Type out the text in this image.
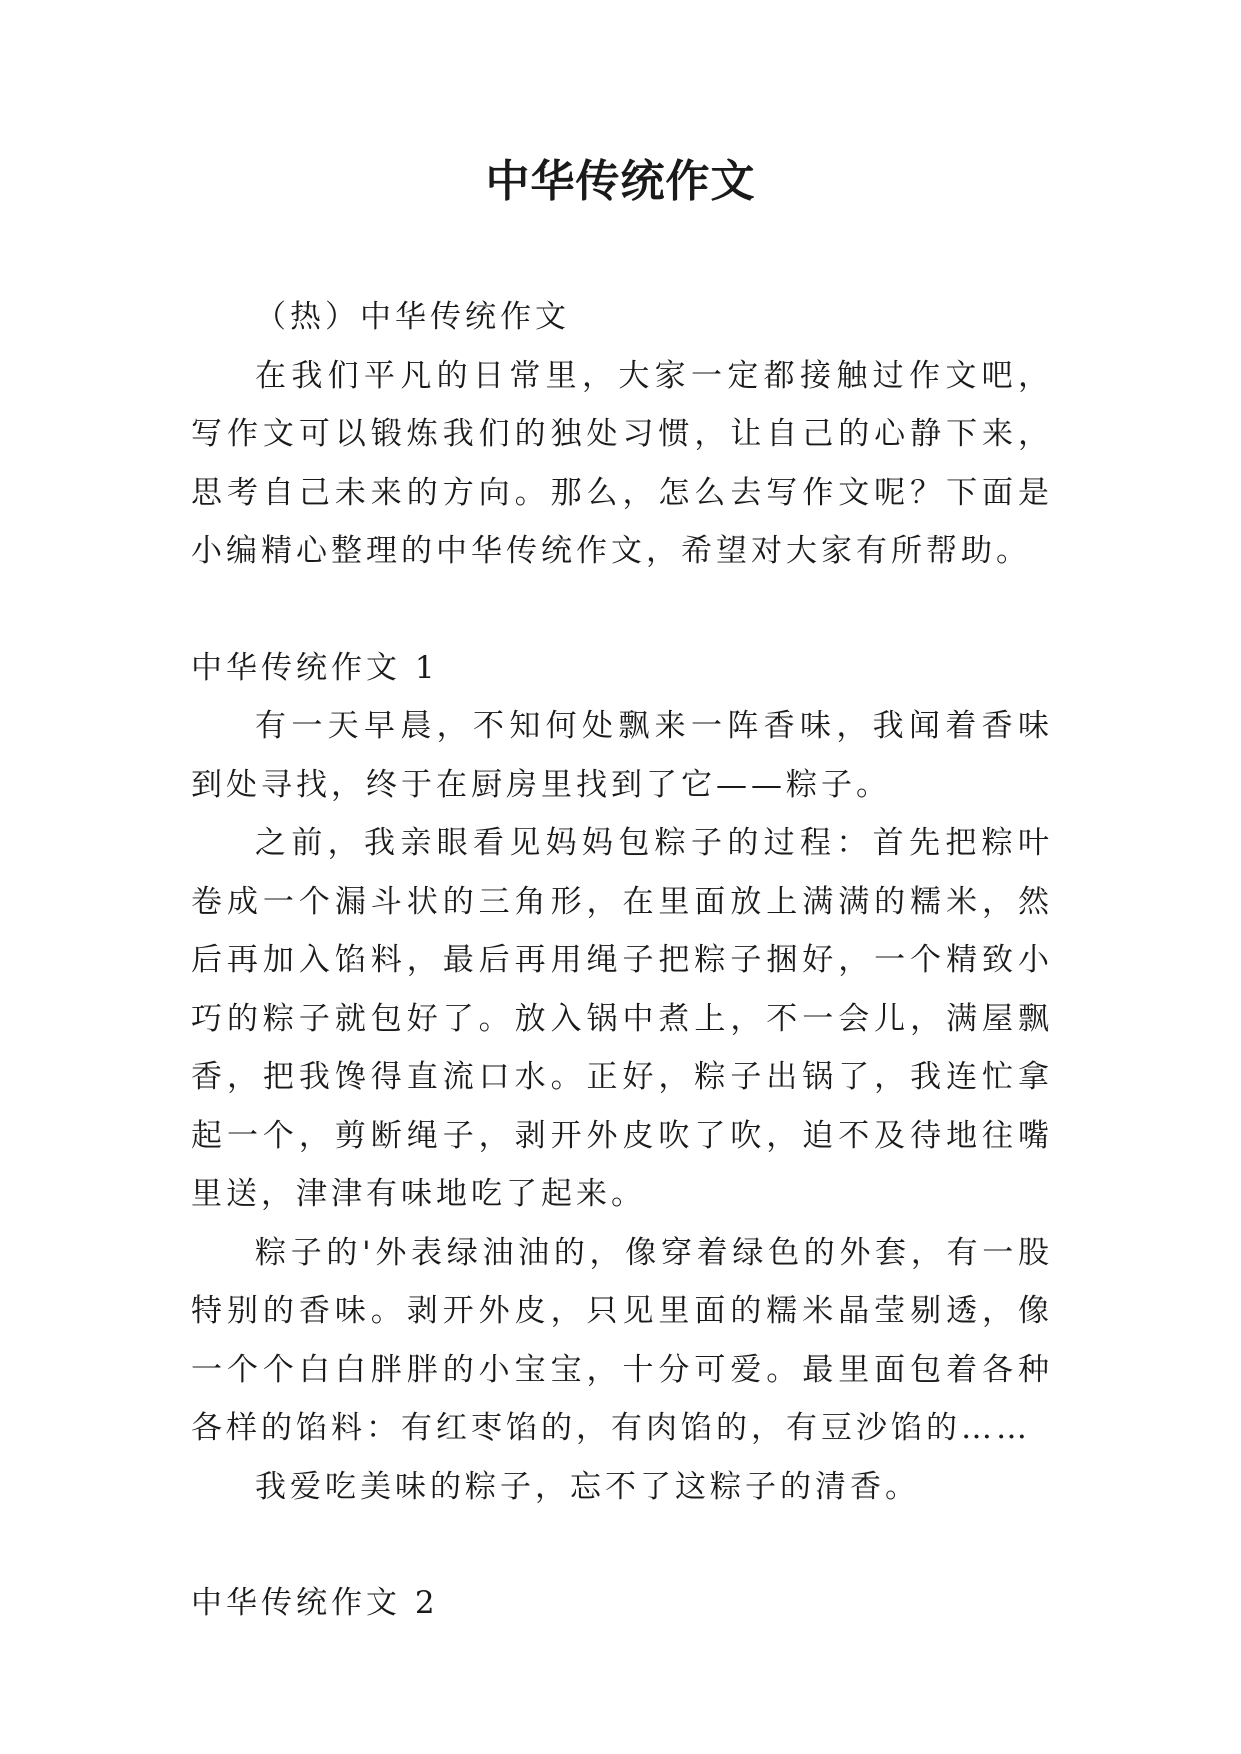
中华传统作文

（热）中华传统作文

在我们平凡的日常里，大家一定都接触过作文吧，写作文可以锻炼我们的独处习惯，让自己的心静下来，思考自己未来的方向。那么，怎么去写作文呢？下面是小编精心整理的中华传统作文，希望对大家有所帮助。

中华传统作文 1

有一天早晨，不知何处飘来一阵香味，我闻着香味到处寻找，终于在厨房里找到了它——粽子。

之前，我亲眼看见妈妈包粽子的过程：首先把粽叶卷成一个漏斗状的三角形，在里面放上满满的糯米，然后再加入馅料，最后再用绳子把粽子捆好，一个精致小巧的粽子就包好了。放入锅中煮上，不一会儿，满屋飘香，把我馋得直流口水。正好，粽子出锅了，我连忙拿起一个，剪断绳子，剥开外皮吹了吹，迫不及待地往嘴里送，津津有味地吃了起来。

粽子的'外表绿油油的，像穿着绿色的外套，有一股特别的香味。剥开外皮，只见里面的糯米晶莹剔透，像一个个白白胖胖的小宝宝，十分可爱。最里面包着各种各样的馅料：有红枣馅的，有肉馅的，有豆沙馅的……

我爱吃美味的粽子，忘不了这粽子的清香。

中华传统作文 2
